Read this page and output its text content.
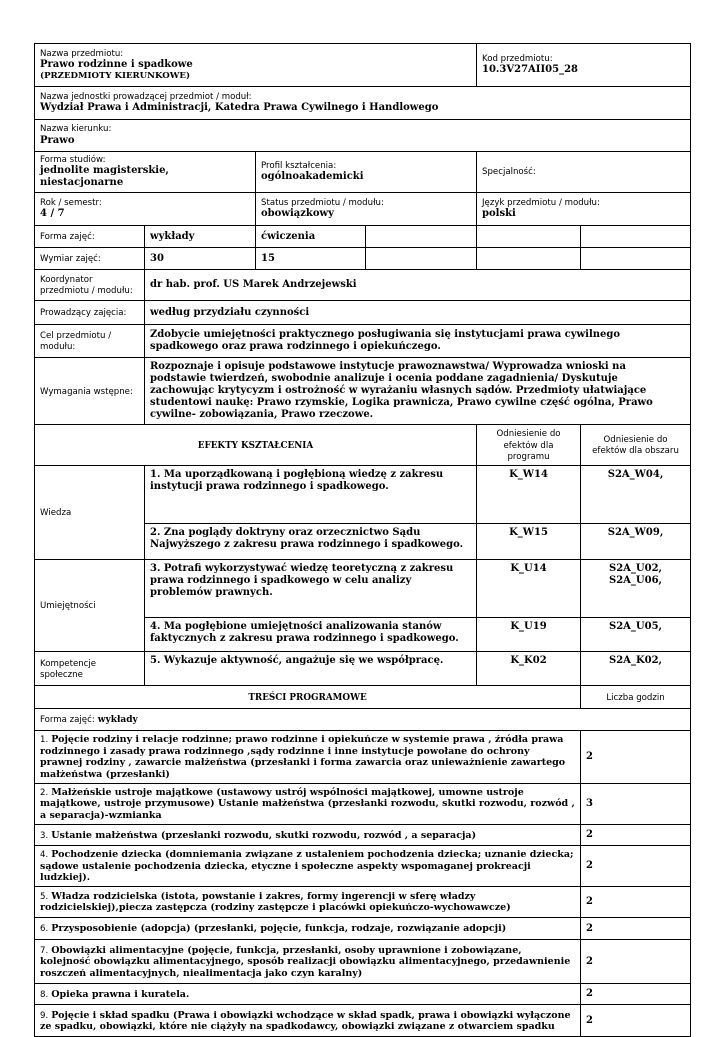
Nazwa przedmiotu:
Prawo rodzinne i spadkowe
(PRZEDMIOTY KIERUNKOWE)				Kod przedmiotu:
10.3V27AII05_28	

Nazwa jednostki prowadzącej przedmiot / moduł:
Wydział Prawa i Administracji, Katedra Prawa Cywilnego i Handlowego					

Nazwa kierunku:
Prawo					

Forma studiów:
jednolite magisterskie, niestacjonarne		Profil kształcenia:
ogólnoakademicki		Specjalność:	

Rok / semestr:
4 / 7		Status przedmiotu / modułu:
obowiązkowy		Język przedmiotu / modułu:
polski	

Forma zajęć:	wykłady	ćwiczenia			
Wymiar zajęć:	30	15			
Koordynator przedmiotu / modułu:	dr hab. prof. US Marek Andrzejewski				
Prowadzący zajęcia:	według przydziału czynności				
Cel przedmiotu / modułu:	Zdobycie umiejętności praktycznego posługiwania się instytucjami prawa cywilnego spadkowego oraz prawa rodzinnego i opiekuńczego.				
Wymagania wstępne:	Rozpoznaje i opisuje podstawowe instytucje prawoznawstwa/ Wyprowadza wnioski na podstawie twierdzeń, swobodnie analizuje i ocenia poddane zagadnienia/ Dyskutuje zachowując krytycyzm i ostrożność w wyrażaniu własnych sądów. Przedmioty ułatwiające studentowi naukę: Prawo rzymskie, Logika prawnicza, Prawo cywilne część ogólna, Prawo cywilne- zobowiązania, Prawo rzeczowe.				
EFEKTY KSZTAŁCENIA				Odniesienie do efektów dla programu	Odniesienie do efektów dla obszaru
Wiedza	1. Ma uporządkowaną i pogłębioną wiedzę z zakresu instytucji prawa rodzinnego i spadkowego.			K_W14	S2A_W04,
	2. Zna poglądy doktryny oraz orzecznictwo Sądu Najwyższego z zakresu prawa rodzinnego i spadkowego.			K_W15	S2A_W09,
Umiejętności	3. Potrafi wykorzystywać wiedzę teoretyczną z zakresu prawa rodzinnego i spadkowego w celu analizy problemów prawnych.			K_U14	S2A_U02,
S2A_U06,

	4. Ma pogłębione umiejętności analizowania stanów faktycznych z zakresu prawa rodzinnego i spadkowego.			K_U19	S2A_U05,
Kompetencje społeczne	5. Wykazuje aktywność, angażuje się we współpracę.			K_K02	S2A_K02,
TREŚCI PROGRAMOWE					Liczba godzin
Forma zajęć: wykłady					
1. Pojęcie rodziny i relacje rodzinne; prawo rodzinne i opiekuńcze w systemie prawa , źródła prawa rodzinnego i zasady prawa rodzinnego ,sądy rodzinne i inne instytucje powołane do ochrony prawnej rodziny , zawarcie małżeństwa (przesłanki i forma zawarcia oraz unieważnienie zawartego małżeństwa (przesłanki)					2
2. Małżeńskie ustroje majątkowe (ustawowy ustrój wspólności majątkowej, umowne ustroje majątkowe, ustroje przymusowe) Ustanie małżeństwa (przesłanki rozwodu, skutki rozwodu, rozwód , a separacja)-wzmianka					3
3. Ustanie małżeństwa (przesłanki rozwodu, skutki rozwodu, rozwód , a separacja)					2
4. Pochodzenie dziecka (domniemania związane z ustaleniem pochodzenia dziecka; uznanie dziecka; sądowe ustalenie pochodzenia dziecka, etyczne i społeczne aspekty wspomaganej prokreacji ludzkiej).					2
5. Władza rodzicielska (istota, powstanie i zakres, formy ingerencji w sferę władzy rodzicielskiej),piecza zastępcza (rodziny zastępcze i placówki opiekuńczo-wychowawcze)					2
6. Przysposobienie (adopcja) (przesłanki, pojęcie, funkcja, rodzaje, rozwiązanie adopcji)					2
7. Obowiązki alimentacyjne (pojęcie, funkcja, przesłanki, osoby uprawnione i zobowiązane, kolejność obowiązku alimentacyjnego, sposób realizacji obowiązku alimentacyjnego, przedawnienie roszczeń alimentacyjnych, niealimentacja jako czyn karalny)					2
8. Opieka prawna i kuratela.					2
9. Pojęcie i skład spadku (Prawa i obowiązki wchodzące w skład spadk, prawa i obowiązki wyłączone ze spadku, obowiązki, które nie ciążyły na spadkodawcy, obowiązki związane z otwarciem spadku					2
